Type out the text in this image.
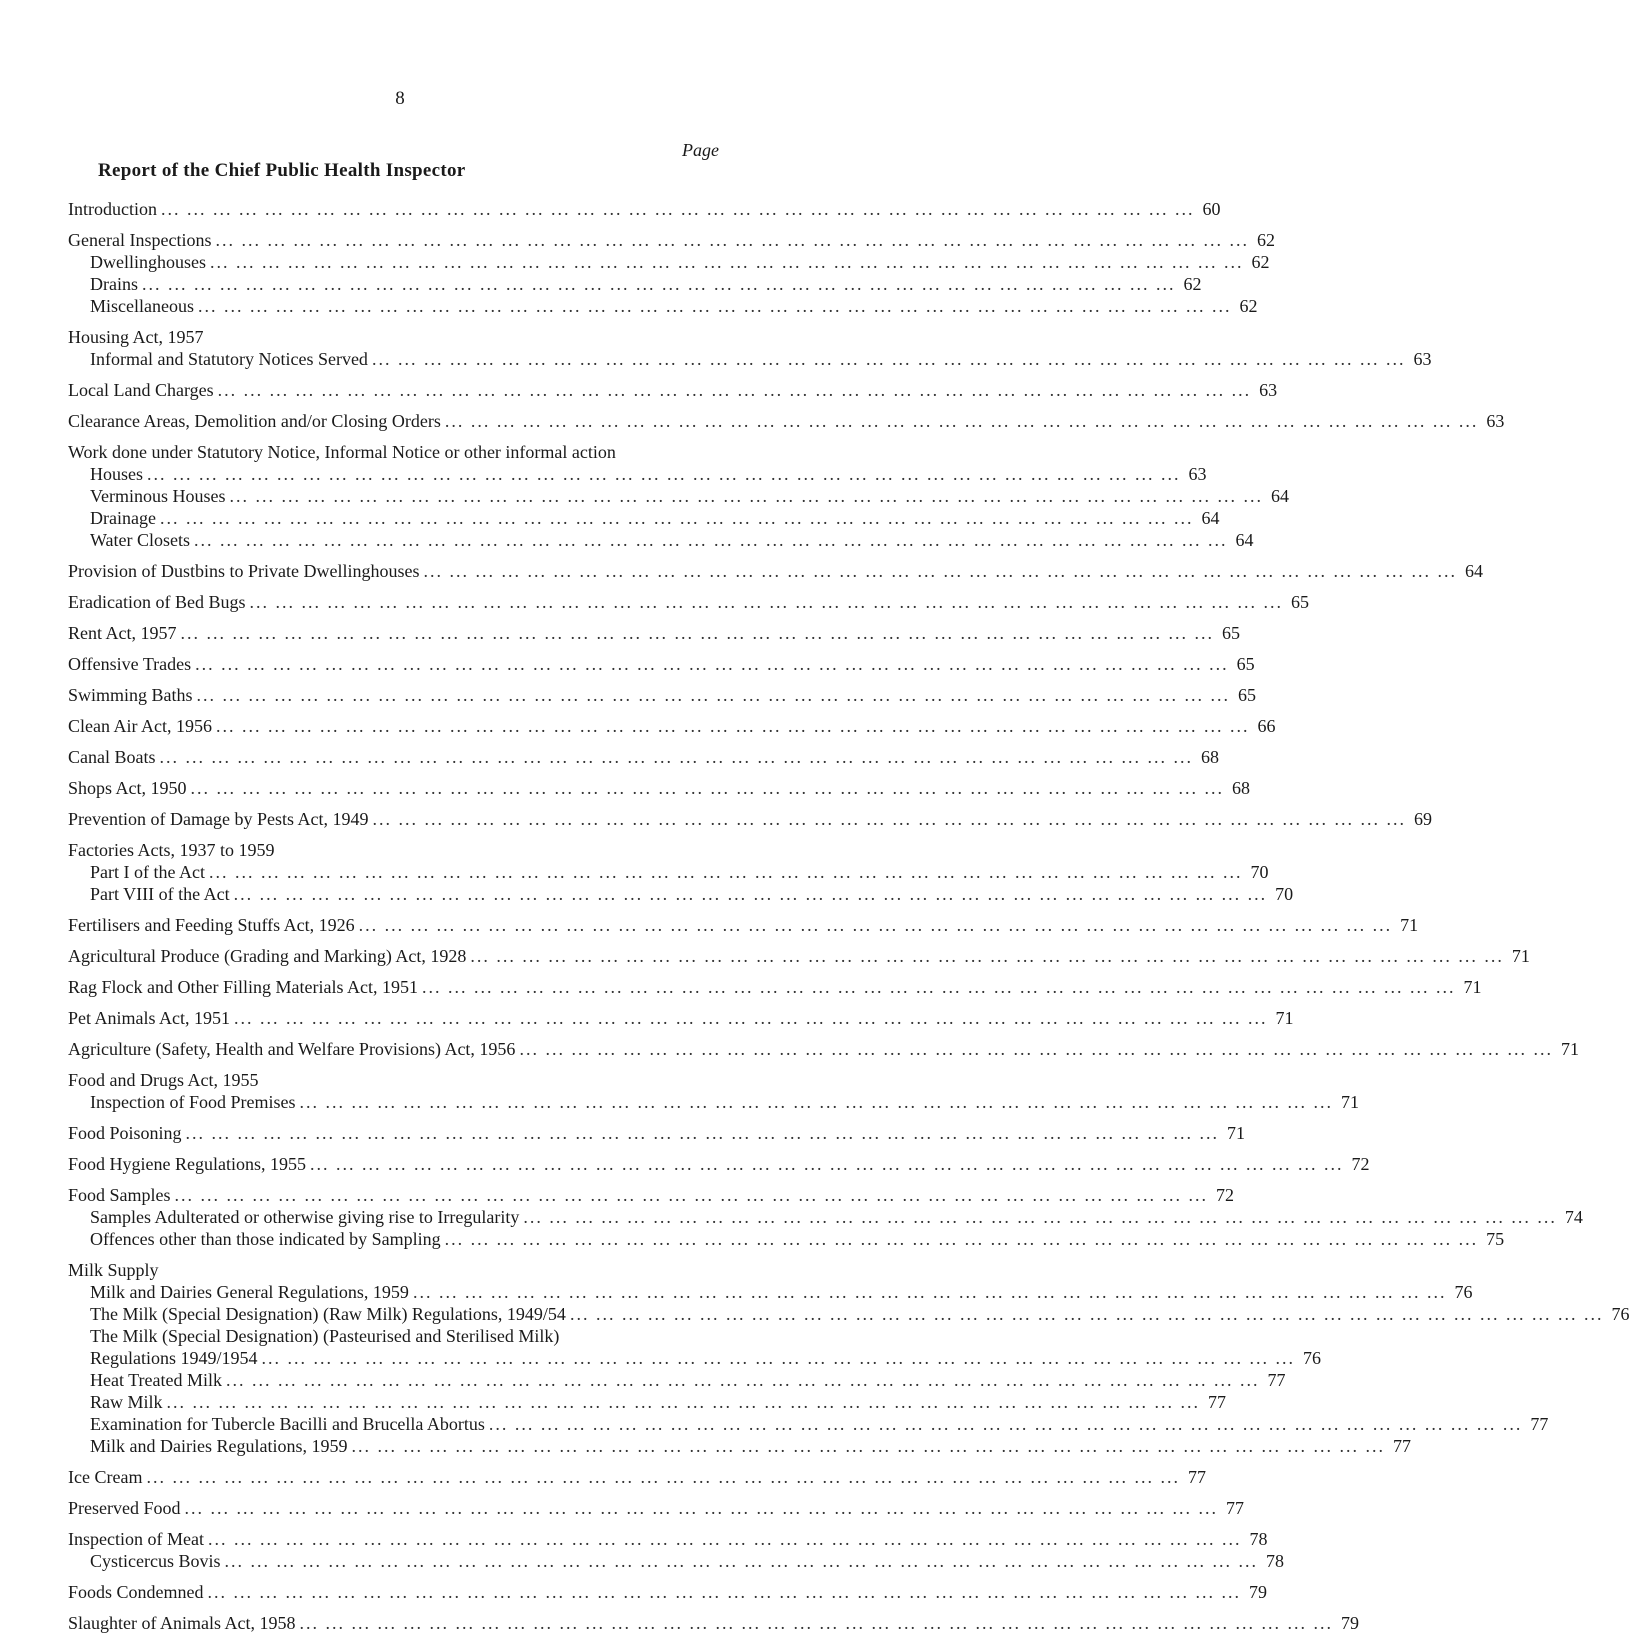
8
Page
Report of the Chief Public Health Inspector
Introduction ... ... ... ... ... ... ... ... ... ... ... ... ... ... ... ... ... ... ... ... ... ... ... ... ... ... ... ... ... ... ... ... ... ... ... ... ... ... ... ... 60
General Inspections ... ... ... ... ... ... ... ... ... ... ... ... ... ... ... ... ... ... ... ... ... ... ... ... ... ... ... ... ... ... ... ... ... ... ... ... ... ... ... ... 62
Dwellinghouses ... ... ... ... ... ... ... ... ... ... ... ... ... ... ... ... ... ... ... ... ... ... ... ... ... ... ... ... ... ... ... ... ... ... ... ... ... ... ... ... 62
Drains ... ... ... ... ... ... ... ... ... ... ... ... ... ... ... ... ... ... ... ... ... ... ... ... ... ... ... ... ... ... ... ... ... ... ... ... ... ... ... ... 62
Miscellaneous ... ... ... ... ... ... ... ... ... ... ... ... ... ... ... ... ... ... ... ... ... ... ... ... ... ... ... ... ... ... ... ... ... ... ... ... ... ... ... ... 62
Housing Act, 1957
Informal and Statutory Notices Served ... ... ... ... ... ... ... ... ... ... ... ... ... ... ... ... ... ... ... ... ... ... ... ... ... ... ... ... ... ... ... ... ... ... ... ... ... ... ... ... 63
Local Land Charges ... ... ... ... ... ... ... ... ... ... ... ... ... ... ... ... ... ... ... ... ... ... ... ... ... ... ... ... ... ... ... ... ... ... ... ... ... ... ... ... 63
Clearance Areas, Demolition and/or Closing Orders ... ... ... ... ... ... ... ... ... ... ... ... ... ... ... ... ... ... ... ... ... ... ... ... ... ... ... ... ... ... ... ... ... ... ... ... ... ... ... ... 63
Work done under Statutory Notice, Informal Notice or other informal action
Houses ... ... ... ... ... ... ... ... ... ... ... ... ... ... ... ... ... ... ... ... ... ... ... ... ... ... ... ... ... ... ... ... ... ... ... ... ... ... ... ... 63
Verminous Houses ... ... ... ... ... ... ... ... ... ... ... ... ... ... ... ... ... ... ... ... ... ... ... ... ... ... ... ... ... ... ... ... ... ... ... ... ... ... ... ... 64
Drainage ... ... ... ... ... ... ... ... ... ... ... ... ... ... ... ... ... ... ... ... ... ... ... ... ... ... ... ... ... ... ... ... ... ... ... ... ... ... ... ... 64
Water Closets ... ... ... ... ... ... ... ... ... ... ... ... ... ... ... ... ... ... ... ... ... ... ... ... ... ... ... ... ... ... ... ... ... ... ... ... ... ... ... ... 64
Provision of Dustbins to Private Dwellinghouses ... ... ... ... ... ... ... ... ... ... ... ... ... ... ... ... ... ... ... ... ... ... ... ... ... ... ... ... ... ... ... ... ... ... ... ... ... ... ... ... 64
Eradication of Bed Bugs ... ... ... ... ... ... ... ... ... ... ... ... ... ... ... ... ... ... ... ... ... ... ... ... ... ... ... ... ... ... ... ... ... ... ... ... ... ... ... ... 65
Rent Act, 1957 ... ... ... ... ... ... ... ... ... ... ... ... ... ... ... ... ... ... ... ... ... ... ... ... ... ... ... ... ... ... ... ... ... ... ... ... ... ... ... ... 65
Offensive Trades ... ... ... ... ... ... ... ... ... ... ... ... ... ... ... ... ... ... ... ... ... ... ... ... ... ... ... ... ... ... ... ... ... ... ... ... ... ... ... ... 65
Swimming Baths ... ... ... ... ... ... ... ... ... ... ... ... ... ... ... ... ... ... ... ... ... ... ... ... ... ... ... ... ... ... ... ... ... ... ... ... ... ... ... ... 65
Clean Air Act, 1956 ... ... ... ... ... ... ... ... ... ... ... ... ... ... ... ... ... ... ... ... ... ... ... ... ... ... ... ... ... ... ... ... ... ... ... ... ... ... ... ... 66
Canal Boats ... ... ... ... ... ... ... ... ... ... ... ... ... ... ... ... ... ... ... ... ... ... ... ... ... ... ... ... ... ... ... ... ... ... ... ... ... ... ... ... 68
Shops Act, 1950 ... ... ... ... ... ... ... ... ... ... ... ... ... ... ... ... ... ... ... ... ... ... ... ... ... ... ... ... ... ... ... ... ... ... ... ... ... ... ... ... 68
Prevention of Damage by Pests Act, 1949 ... ... ... ... ... ... ... ... ... ... ... ... ... ... ... ... ... ... ... ... ... ... ... ... ... ... ... ... ... ... ... ... ... ... ... ... ... ... ... ... 69
Factories Acts, 1937 to 1959
Part I of the Act ... ... ... ... ... ... ... ... ... ... ... ... ... ... ... ... ... ... ... ... ... ... ... ... ... ... ... ... ... ... ... ... ... ... ... ... ... ... ... ... 70
Part VIII of the Act ... ... ... ... ... ... ... ... ... ... ... ... ... ... ... ... ... ... ... ... ... ... ... ... ... ... ... ... ... ... ... ... ... ... ... ... ... ... ... ... 70
Fertilisers and Feeding Stuffs Act, 1926 ... ... ... ... ... ... ... ... ... ... ... ... ... ... ... ... ... ... ... ... ... ... ... ... ... ... ... ... ... ... ... ... ... ... ... ... ... ... ... ... 71
Agricultural Produce (Grading and Marking) Act, 1928 ... ... ... ... ... ... ... ... ... ... ... ... ... ... ... ... ... ... ... ... ... ... ... ... ... ... ... ... ... ... ... ... ... ... ... ... ... ... ... ... 71
Rag Flock and Other Filling Materials Act, 1951 ... ... ... ... ... ... ... ... ... ... ... ... ... ... ... ... ... ... ... ... ... ... ... ... ... ... ... ... ... ... ... ... ... ... ... ... ... ... ... ... 71
Pet Animals Act, 1951 ... ... ... ... ... ... ... ... ... ... ... ... ... ... ... ... ... ... ... ... ... ... ... ... ... ... ... ... ... ... ... ... ... ... ... ... ... ... ... ... 71
Agriculture (Safety, Health and Welfare Provisions) Act, 1956 ... ... ... ... ... ... ... ... ... ... ... ... ... ... ... ... ... ... ... ... ... ... ... ... ... ... ... ... ... ... ... ... ... ... ... ... ... ... ... ... 71
Food and Drugs Act, 1955
Inspection of Food Premises ... ... ... ... ... ... ... ... ... ... ... ... ... ... ... ... ... ... ... ... ... ... ... ... ... ... ... ... ... ... ... ... ... ... ... ... ... ... ... ... 71
Food Poisoning ... ... ... ... ... ... ... ... ... ... ... ... ... ... ... ... ... ... ... ... ... ... ... ... ... ... ... ... ... ... ... ... ... ... ... ... ... ... ... ... 71
Food Hygiene Regulations, 1955 ... ... ... ... ... ... ... ... ... ... ... ... ... ... ... ... ... ... ... ... ... ... ... ... ... ... ... ... ... ... ... ... ... ... ... ... ... ... ... ... 72
Food Samples ... ... ... ... ... ... ... ... ... ... ... ... ... ... ... ... ... ... ... ... ... ... ... ... ... ... ... ... ... ... ... ... ... ... ... ... ... ... ... ... 72
Samples Adulterated or otherwise giving rise to Irregularity ... ... ... ... ... ... ... ... ... ... ... ... ... ... ... ... ... ... ... ... ... ... ... ... ... ... ... ... ... ... ... ... ... ... ... ... ... ... ... ... 74
Offences other than those indicated by Sampling ... ... ... ... ... ... ... ... ... ... ... ... ... ... ... ... ... ... ... ... ... ... ... ... ... ... ... ... ... ... ... ... ... ... ... ... ... ... ... ... 75
Milk Supply
Milk and Dairies General Regulations, 1959 ... ... ... ... ... ... ... ... ... ... ... ... ... ... ... ... ... ... ... ... ... ... ... ... ... ... ... ... ... ... ... ... ... ... ... ... ... ... ... ... 76
The Milk (Special Designation) (Raw Milk) Regulations, 1949/54 ... ... ... ... ... ... ... ... ... ... ... ... ... ... ... ... ... ... ... ... ... ... ... ... ... ... ... ... ... ... ... ... ... ... ... ... ... ... ... ... 76
The Milk (Special Designation) (Pasteurised and Sterilised Milk)
Regulations 1949/1954 ... ... ... ... ... ... ... ... ... ... ... ... ... ... ... ... ... ... ... ... ... ... ... ... ... ... ... ... ... ... ... ... ... ... ... ... ... ... ... ... 76
Heat Treated Milk ... ... ... ... ... ... ... ... ... ... ... ... ... ... ... ... ... ... ... ... ... ... ... ... ... ... ... ... ... ... ... ... ... ... ... ... ... ... ... ... 77
Raw Milk ... ... ... ... ... ... ... ... ... ... ... ... ... ... ... ... ... ... ... ... ... ... ... ... ... ... ... ... ... ... ... ... ... ... ... ... ... ... ... ... 77
Examination for Tubercle Bacilli and Brucella Abortus ... ... ... ... ... ... ... ... ... ... ... ... ... ... ... ... ... ... ... ... ... ... ... ... ... ... ... ... ... ... ... ... ... ... ... ... ... ... ... ... 77
Milk and Dairies Regulations, 1959 ... ... ... ... ... ... ... ... ... ... ... ... ... ... ... ... ... ... ... ... ... ... ... ... ... ... ... ... ... ... ... ... ... ... ... ... ... ... ... ... 77
Ice Cream ... ... ... ... ... ... ... ... ... ... ... ... ... ... ... ... ... ... ... ... ... ... ... ... ... ... ... ... ... ... ... ... ... ... ... ... ... ... ... ... 77
Preserved Food ... ... ... ... ... ... ... ... ... ... ... ... ... ... ... ... ... ... ... ... ... ... ... ... ... ... ... ... ... ... ... ... ... ... ... ... ... ... ... ... 77
Inspection of Meat ... ... ... ... ... ... ... ... ... ... ... ... ... ... ... ... ... ... ... ... ... ... ... ... ... ... ... ... ... ... ... ... ... ... ... ... ... ... ... ... 78
Cysticercus Bovis ... ... ... ... ... ... ... ... ... ... ... ... ... ... ... ... ... ... ... ... ... ... ... ... ... ... ... ... ... ... ... ... ... ... ... ... ... ... ... ... 78
Foods Condemned ... ... ... ... ... ... ... ... ... ... ... ... ... ... ... ... ... ... ... ... ... ... ... ... ... ... ... ... ... ... ... ... ... ... ... ... ... ... ... ... 79
Slaughter of Animals Act, 1958 ... ... ... ... ... ... ... ... ... ... ... ... ... ... ... ... ... ... ... ... ... ... ... ... ... ... ... ... ... ... ... ... ... ... ... ... ... ... ... ... 79
